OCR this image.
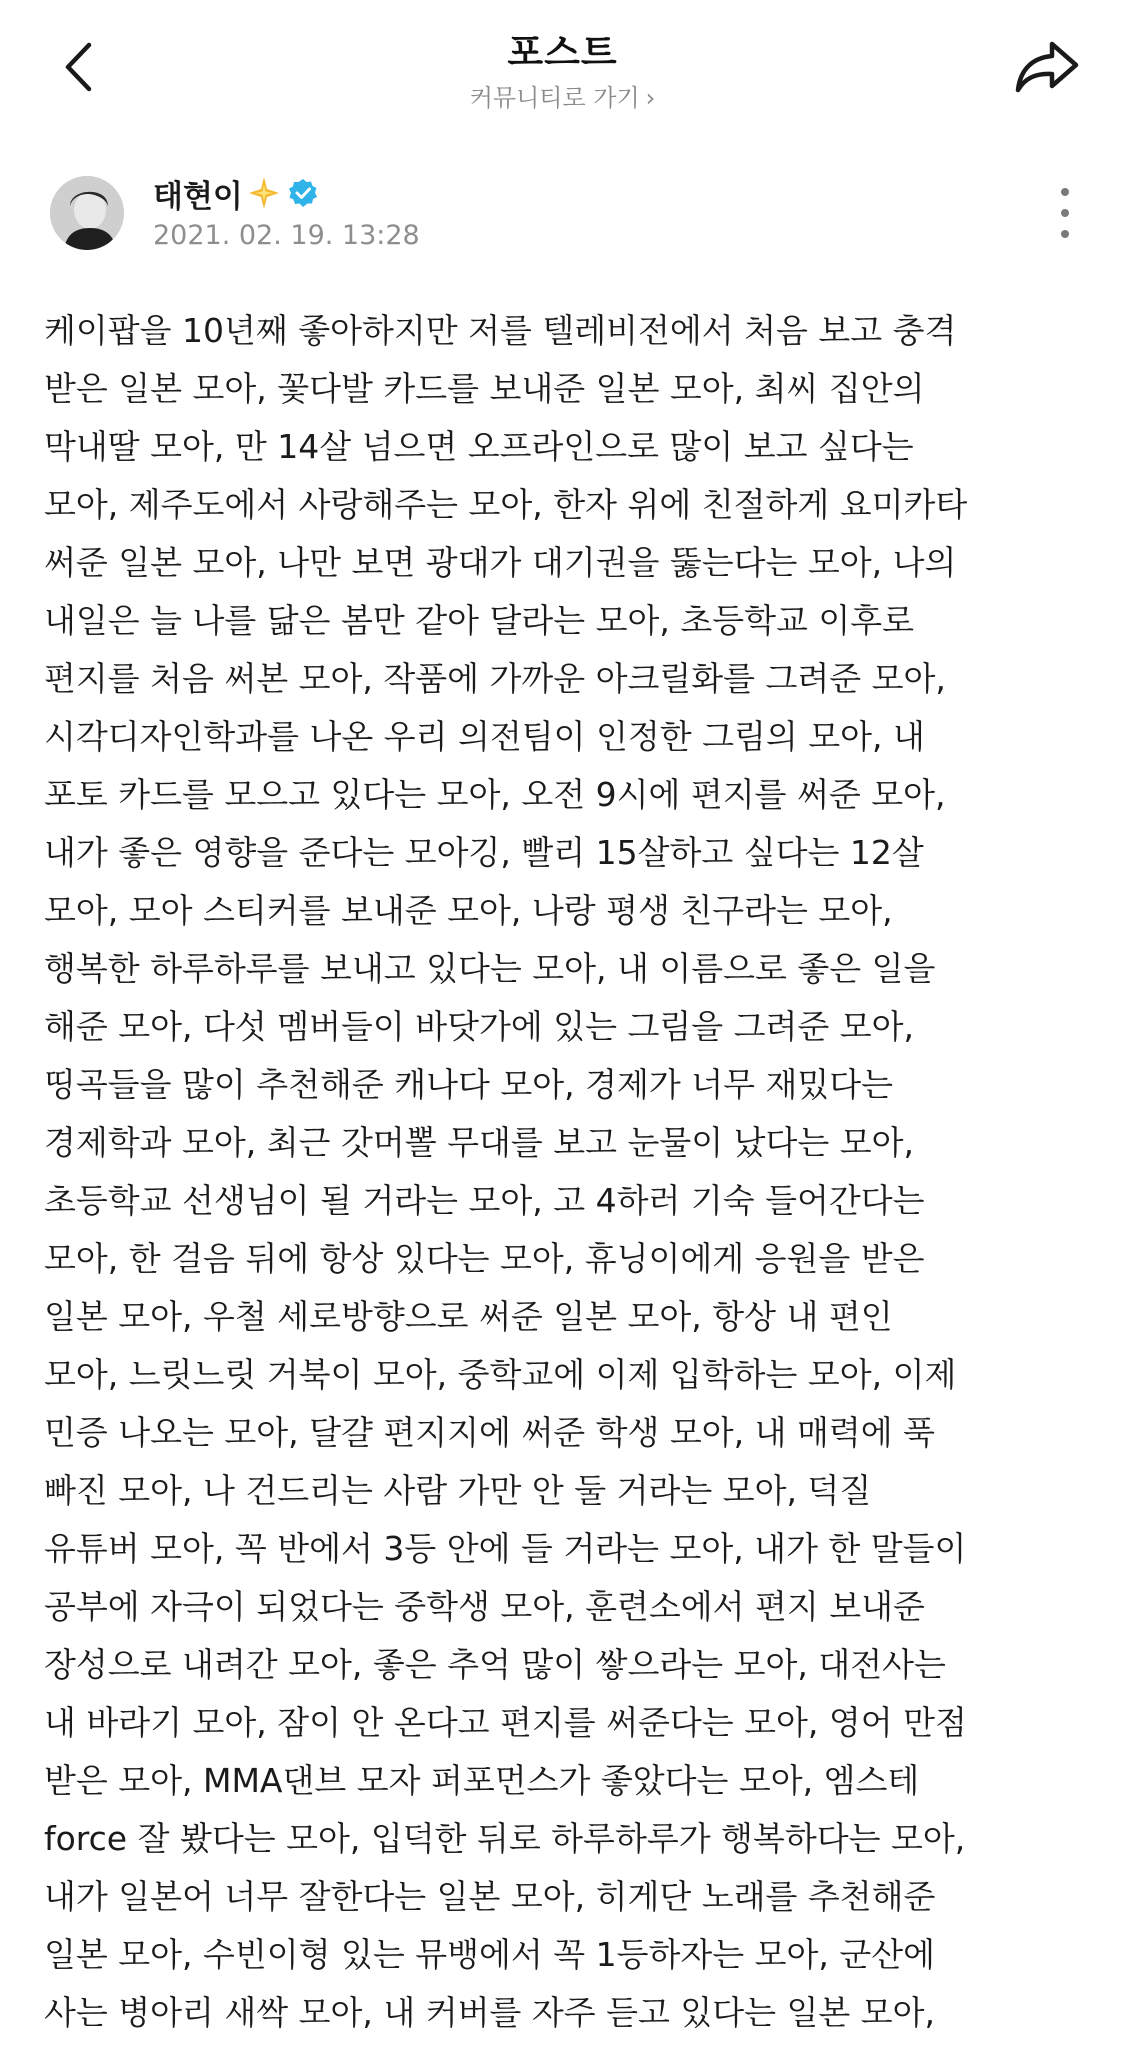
포스트
커뮤니티로 가기 ›
태현이
2021. 02. 19. 13:28
케이팝을 10년째 좋아하지만 저를 텔레비전에서 처음 보고 충격
받은 일본 모아, 꽃다발 카드를 보내준 일본 모아, 최씨 집안의
막내딸 모아, 만 14살 넘으면 오프라인으로 많이 보고 싶다는
모아, 제주도에서 사랑해주는 모아, 한자 위에 친절하게 요미카타
써준 일본 모아, 나만 보면 광대가 대기권을 뚫는다는 모아, 나의
내일은 늘 나를 닮은 봄만 같아 달라는 모아, 초등학교 이후로
편지를 처음 써본 모아, 작품에 가까운 아크릴화를 그려준 모아,
시각디자인학과를 나온 우리 의전팀이 인정한 그림의 모아, 내
포토 카드를 모으고 있다는 모아, 오전 9시에 편지를 써준 모아,
내가 좋은 영향을 준다는 모아깅, 빨리 15살하고 싶다는 12살
모아, 모아 스티커를 보내준 모아, 나랑 평생 친구라는 모아,
행복한 하루하루를 보내고 있다는 모아, 내 이름으로 좋은 일을
해준 모아, 다섯 멤버들이 바닷가에 있는 그림을 그려준 모아,
띵곡들을 많이 추천해준 캐나다 모아, 경제가 너무 재밌다는
경제학과 모아, 최근 갓머뽈 무대를 보고 눈물이 났다는 모아,
초등학교 선생님이 될 거라는 모아, 고 4하러 기숙 들어간다는
모아, 한 걸음 뒤에 항상 있다는 모아, 휴닝이에게 응원을 받은
일본 모아, 우철 세로방향으로 써준 일본 모아, 항상 내 편인
모아, 느릿느릿 거북이 모아, 중학교에 이제 입학하는 모아, 이제
민증 나오는 모아, 달걀 편지지에 써준 학생 모아, 내 매력에 푹
빠진 모아, 나 건드리는 사람 가만 안 둘 거라는 모아, 덕질
유튜버 모아, 꼭 반에서 3등 안에 들 거라는 모아, 내가 한 말들이
공부에 자극이 되었다는 중학생 모아, 훈련소에서 편지 보내준
장성으로 내려간 모아, 좋은 추억 많이 쌓으라는 모아, 대전사는
내 바라기 모아, 잠이 안 온다고 편지를 써준다는 모아, 영어 만점
받은 모아, MMA댄브 모자 퍼포먼스가 좋았다는 모아, 엠스테
force 잘 봤다는 모아, 입덕한 뒤로 하루하루가 행복하다는 모아,
내가 일본어 너무 잘한다는 일본 모아, 히게단 노래를 추천해준
일본 모아, 수빈이형 있는 뮤뱅에서 꼭 1등하자는 모아, 군산에
사는 병아리 새싹 모아, 내 커버를 자주 듣고 있다는 일본 모아,
